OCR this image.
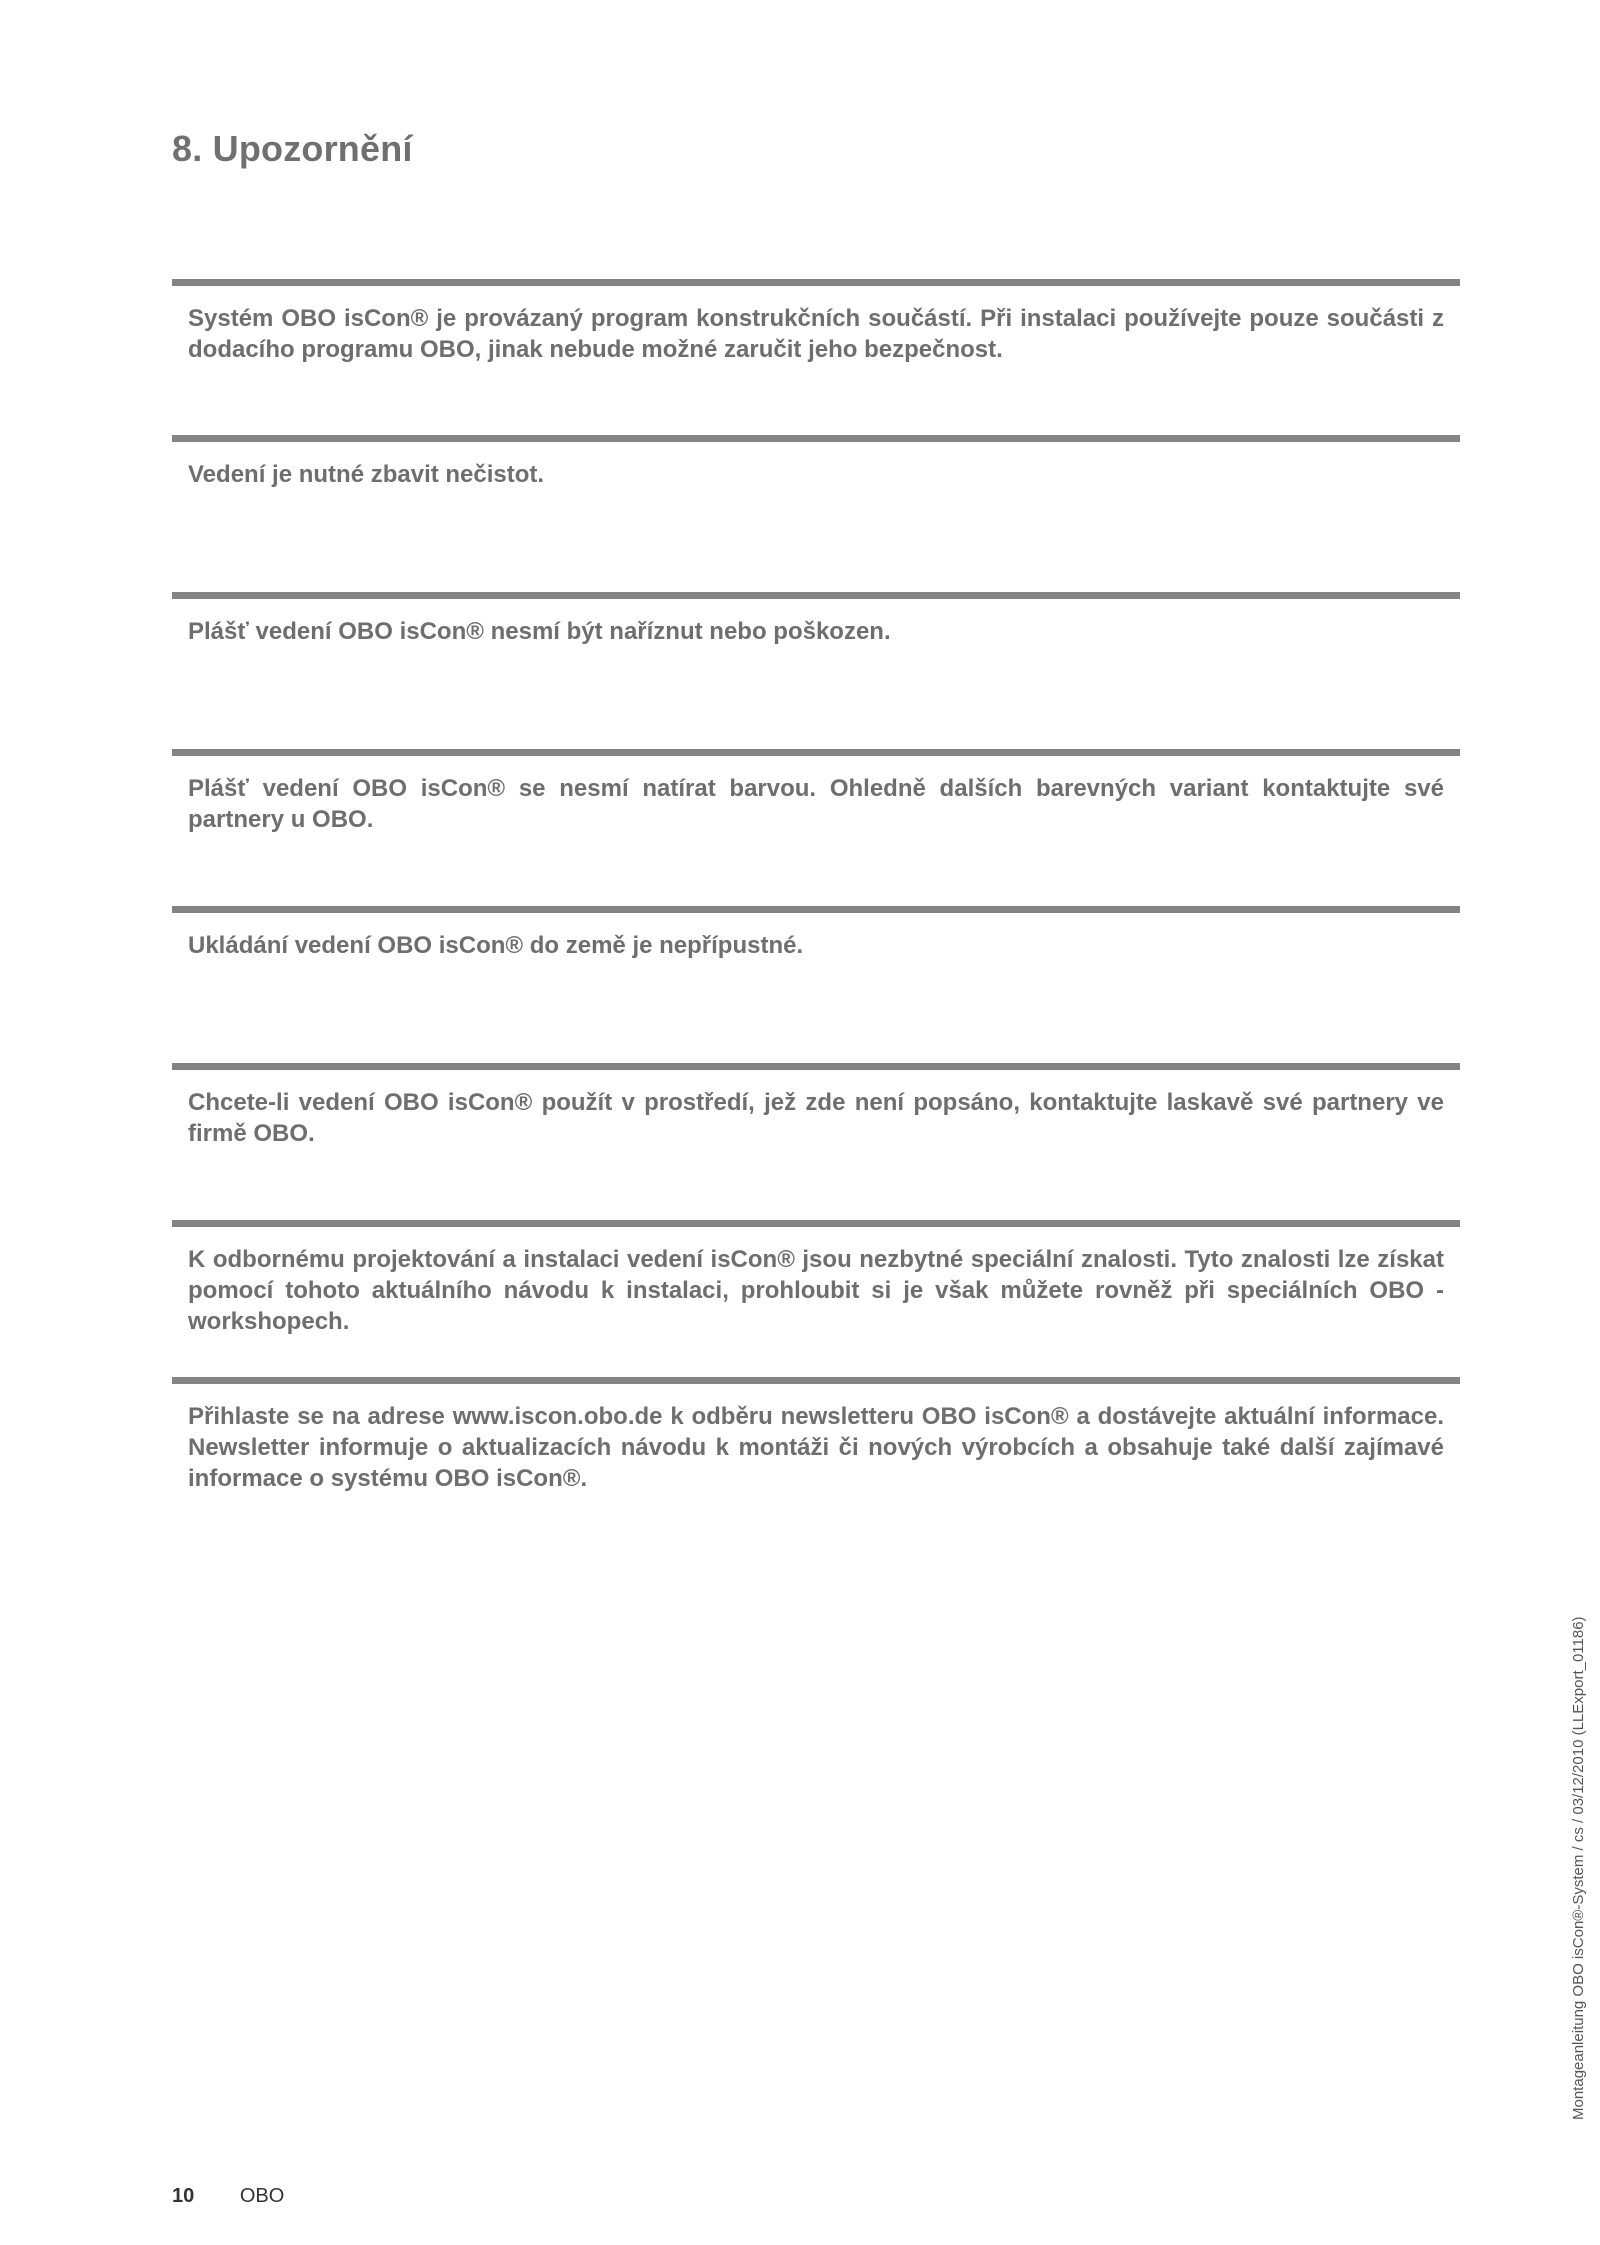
8. Upozornění

Systém OBO isCon® je provázaný program konstrukčních součástí. Při instalaci používejte pouze součásti z dodacího programu OBO, jinak nebude možné zaručit jeho bezpečnost.

Vedení je nutné zbavit nečistot.

Plášť vedení OBO isCon® nesmí být naříznut nebo poškozen.

Plášť vedení OBO isCon® se nesmí natírat barvou. Ohledně dalších barevných variant kontaktujte své partnery u OBO.

Ukládání vedení OBO isCon® do země je nepřípustné.

Chcete-li vedení OBO isCon® použít v prostředí, jež zde není popsáno, kontaktujte laskavě své partnery ve firmě OBO.

K odbornému projektování a instalaci vedení isCon® jsou nezbytné speciální znalosti. Tyto znalosti lze získat pomocí tohoto aktuálního návodu k instalaci, prohloubit si je však můžete rovněž při speciálních OBO - workshopech.

Přihlaste se na adrese www.iscon.obo.de k odběru newsletteru OBO isCon® a dostávejte aktuální informace. Newsletter informuje o aktualizacích návodu k montáži či nových výrobcích a obsahuje také další zajímavé informace o systému OBO isCon®.

Montageanleitung OBO isCon®-System / cs / 03/12/2010 (LLExport_01186)
10 OBO
